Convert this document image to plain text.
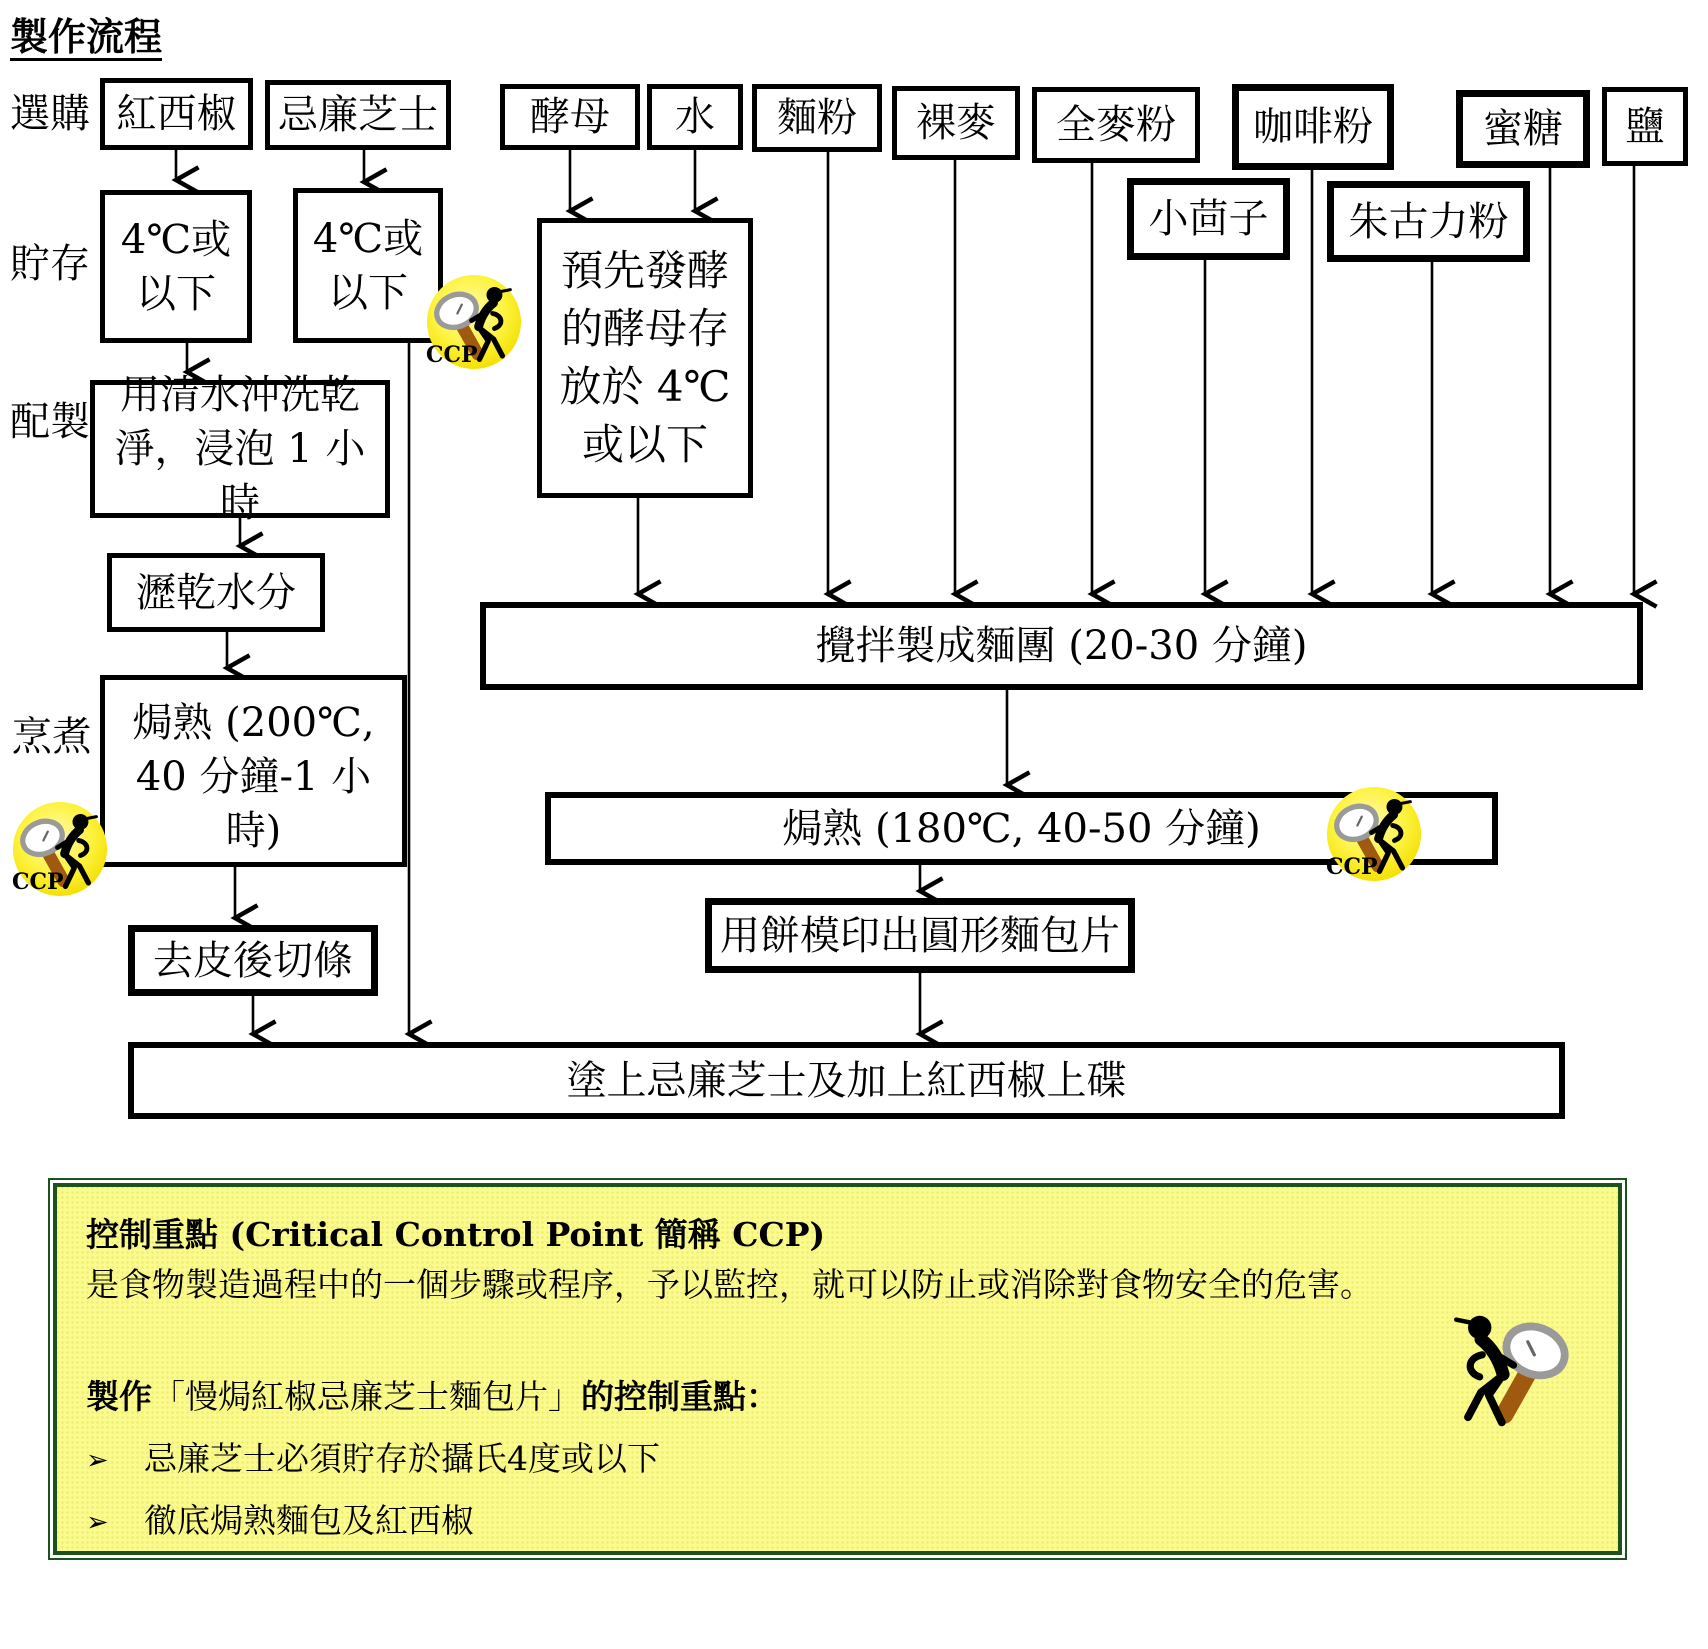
製作流程
選購
貯存
配製
烹煮
紅西椒	忌廉芝士	酵母	水	麵粉	裸麥	全麥粉	咖啡粉	蜜糖	鹽
小茴子	朱古力粉
4℃或以下
4℃或以下	預先發酵的酵母存放於 4℃ 或以下
用清水沖洗乾淨，浸泡 1 小時
瀝乾水分
焗熟 (200℃, 40 分鐘-1 小時)
去皮後切條
攪拌製成麵團 (20-30 分鐘)
焗熟 (180℃, 40-50 分鐘)
用餅模印出圓形麵包片
塗上忌廉芝士及加上紅西椒上碟
CCP
CCP
CCP
控制重點 (Critical Control Point 簡稱 CCP)
是食物製造過程中的一個步驟或程序，予以監控，就可以防止或消除對食物安全的危害。
製作「慢焗紅椒忌廉芝士麵包片」的控制重點：
➢ 忌廉芝士必須貯存於攝氏4度或以下
➢ 徹底焗熟麵包及紅西椒
